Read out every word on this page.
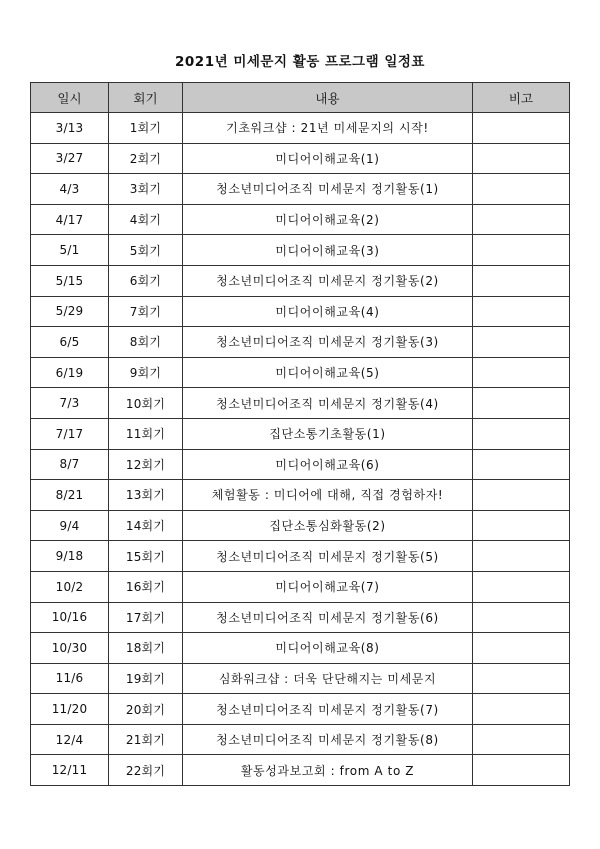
2021년 미세문지 활동 프로그램 일정표
일시	회기	내용	비고
3/13	1회기	기초워크샵 : 21년 미세문지의 시작!	
3/27	2회기	미디어이해교육(1)	
4/3	3회기	청소년미디어조직 미세문지 정기활동(1)	
4/17	4회기	미디어이해교육(2)	
5/1	5회기	미디어이해교육(3)	
5/15	6회기	청소년미디어조직 미세문지 정기활동(2)	
5/29	7회기	미디어이해교육(4)	
6/5	8회기	청소년미디어조직 미세문지 정기활동(3)	
6/19	9회기	미디어이해교육(5)	
7/3	10회기	청소년미디어조직 미세문지 정기활동(4)	
7/17	11회기	집단소통기초활동(1)	
8/7	12회기	미디어이해교육(6)	
8/21	13회기	체험활동 : 미디어에 대해, 직접 경험하자!	
9/4	14회기	집단소통심화활동(2)	
9/18	15회기	청소년미디어조직 미세문지 정기활동(5)	
10/2	16회기	미디어이해교육(7)	
10/16	17회기	청소년미디어조직 미세문지 정기활동(6)	
10/30	18회기	미디어이해교육(8)	
11/6	19회기	심화워크샵 : 더욱 단단해지는 미세문지	
11/20	20회기	청소년미디어조직 미세문지 정기활동(7)	
12/4	21회기	청소년미디어조직 미세문지 정기활동(8)	
12/11	22회기	활동성과보고회 : from A to Z	
